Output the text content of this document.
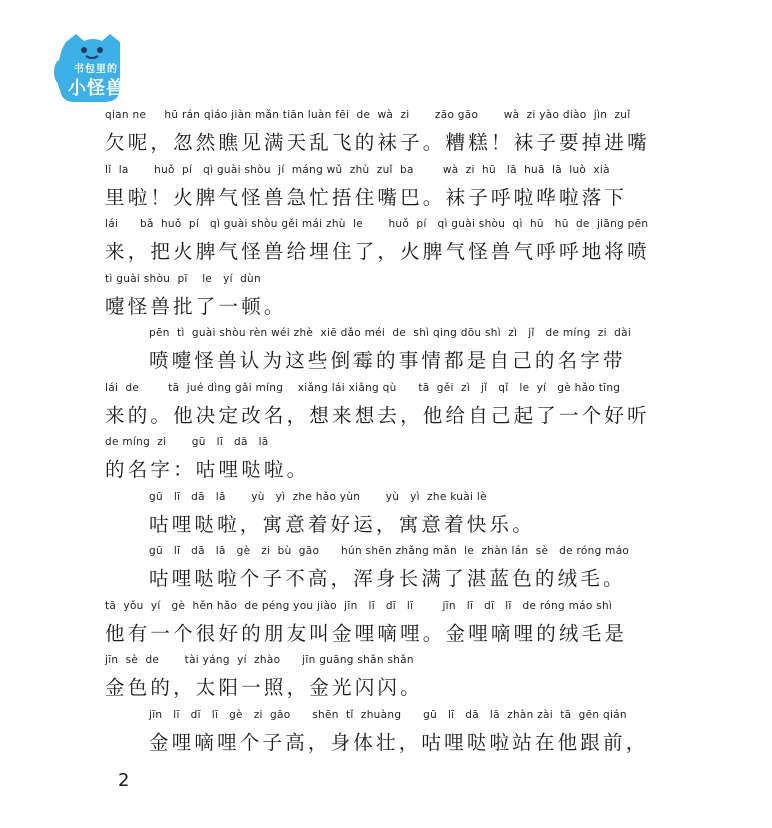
书包里的
小怪兽
qian ne     hū rán qiáo jiàn mǎn tiān luàn fēi  de  wà  zi       zāo gāo       wà  zi yào diào  jìn  zuǐ
欠呢，忽然瞧见满天乱飞的袜子。糟糕！袜子要掉进嘴
lǐ  la       huǒ  pí   qì guài shòu  jí  máng wǔ  zhù  zuǐ  ba        wà  zi  hū   lā  huā  lā  luò  xià
里啦！火脾气怪兽急忙捂住嘴巴。袜子呼啦哗啦落下
lái      bǎ  huǒ  pí   qì guài shòu gěi mái zhù  le       huǒ  pí   qì guài shòu  qì  hū   hū  de  jiāng pēn
来，把火脾气怪兽给埋住了，火脾气怪兽气呼呼地将喷
tì guài shòu  pī    le   yí  dùn
嚏怪兽批了一顿。
pēn  tì  guài shòu rèn wéi zhè  xiē dǎo méi  de  shì qing dōu shì  zì   jǐ   de míng  zi  dài
喷嚏怪兽认为这些倒霉的事情都是自己的名字带
lái  de        tā  jué dìng gǎi míng    xiǎng lái xiǎng qù      tā  gěi  zì   jǐ   qǐ   le  yí   gè hǎo tīng
来的。他决定改名，想来想去，他给自己起了一个好听
de míng  zi       gū   lī   dā   lā
的名字：咕哩哒啦。
gū   lī   dā   lā       yù   yì  zhe hǎo yùn       yù   yì  zhe kuài lè
咕哩哒啦，寓意着好运，寓意着快乐。
gū   lī   dā   lā   gè   zi  bù  gāo      hún shēn zhǎng mǎn  le  zhàn lán  sè   de róng máo
咕哩哒啦个子不高，浑身长满了湛蓝色的绒毛。
tā  yǒu  yí   gè  hěn hǎo  de péng you jiào  jīn   lī   dī   lī        jīn   lī   dī   lī   de róng máo shì
他有一个很好的朋友叫金哩嘀哩。金哩嘀哩的绒毛是
jīn  sè  de       tài yáng  yí  zhào      jīn guāng shǎn shǎn
金色的，太阳一照，金光闪闪。
jīn   lī   dī   lī   gè   zi  gāo      shēn  tǐ  zhuàng      gū   lī   dā   lā  zhàn zài  tā  gēn qián
金哩嘀哩个子高，身体壮，咕哩哒啦站在他跟前，
2
